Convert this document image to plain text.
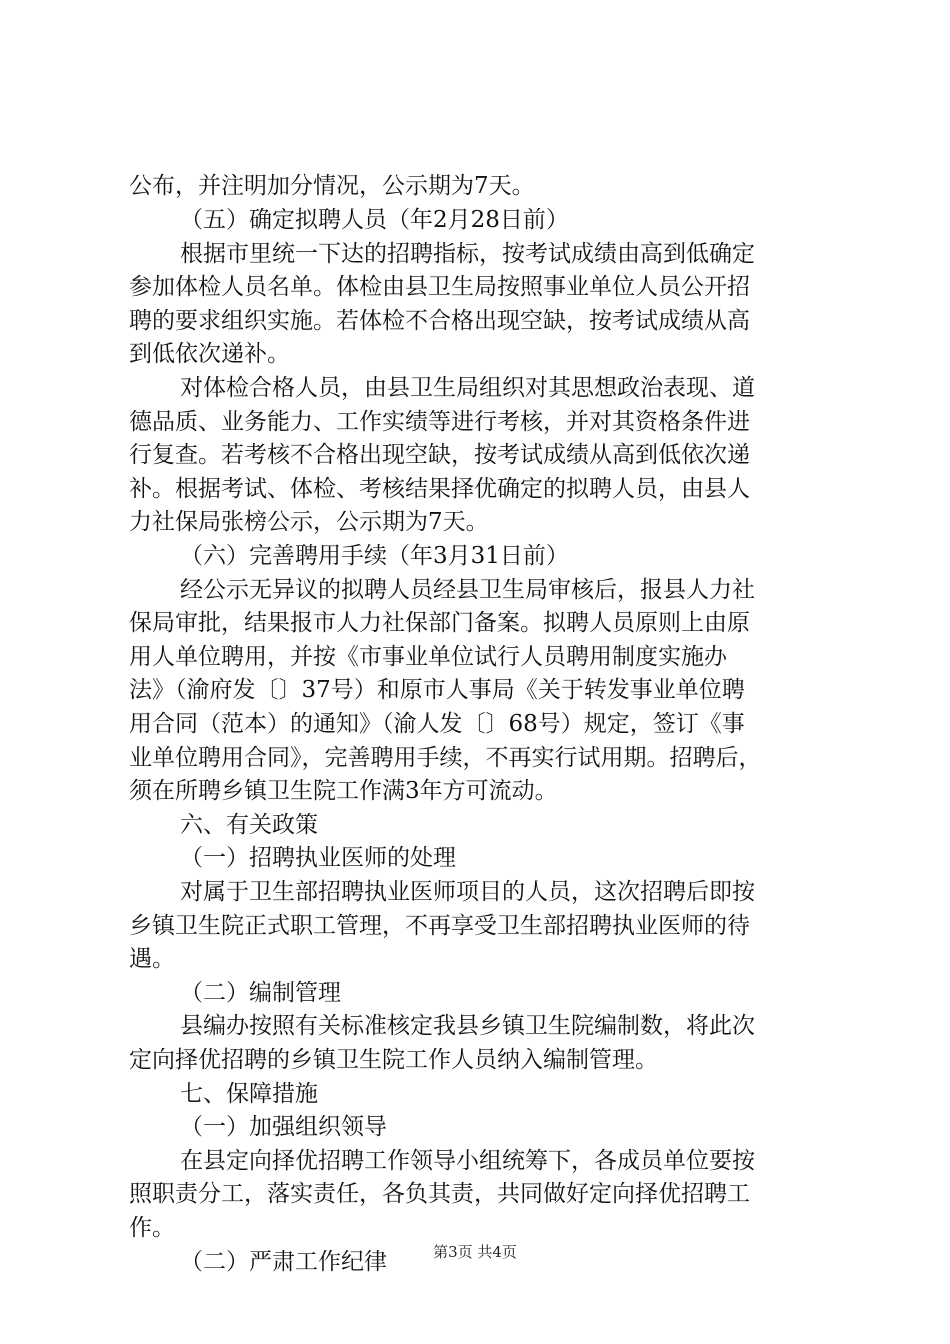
公布，并注明加分情况，公示期为7天。
（五）确定拟聘人员（年2月28日前）
根据市里统一下达的招聘指标，按考试成绩由高到低确定
参加体检人员名单。体检由县卫生局按照事业单位人员公开招
聘的要求组织实施。若体检不合格出现空缺，按考试成绩从高
到低依次递补。
对体检合格人员，由县卫生局组织对其思想政治表现、道
德品质、业务能力、工作实绩等进行考核，并对其资格条件进
行复查。若考核不合格出现空缺，按考试成绩从高到低依次递
补。根据考试、体检、考核结果择优确定的拟聘人员，由县人
力社保局张榜公示，公示期为7天。
（六）完善聘用手续（年3月31日前）
经公示无异议的拟聘人员经县卫生局审核后，报县人力社
保局审批，结果报市人力社保部门备案。拟聘人员原则上由原
用人单位聘用，并按《市事业单位试行人员聘用制度实施办
法》（渝府发〔〕37号）和原市人事局《关于转发事业单位聘
用合同（范本）的通知》（渝人发〔〕68号）规定，签订《事
业单位聘用合同》，完善聘用手续，不再实行试用期。招聘后，
须在所聘乡镇卫生院工作满3年方可流动。
六、有关政策
（一）招聘执业医师的处理
对属于卫生部招聘执业医师项目的人员，这次招聘后即按
乡镇卫生院正式职工管理，不再享受卫生部招聘执业医师的待
遇。
（二）编制管理
县编办按照有关标准核定我县乡镇卫生院编制数，将此次
定向择优招聘的乡镇卫生院工作人员纳入编制管理。
七、保障措施
（一）加强组织领导
在县定向择优招聘工作领导小组统筹下，各成员单位要按
照职责分工，落实责任，各负其责，共同做好定向择优招聘工
作。
（二）严肃工作纪律	第3页 共4页
